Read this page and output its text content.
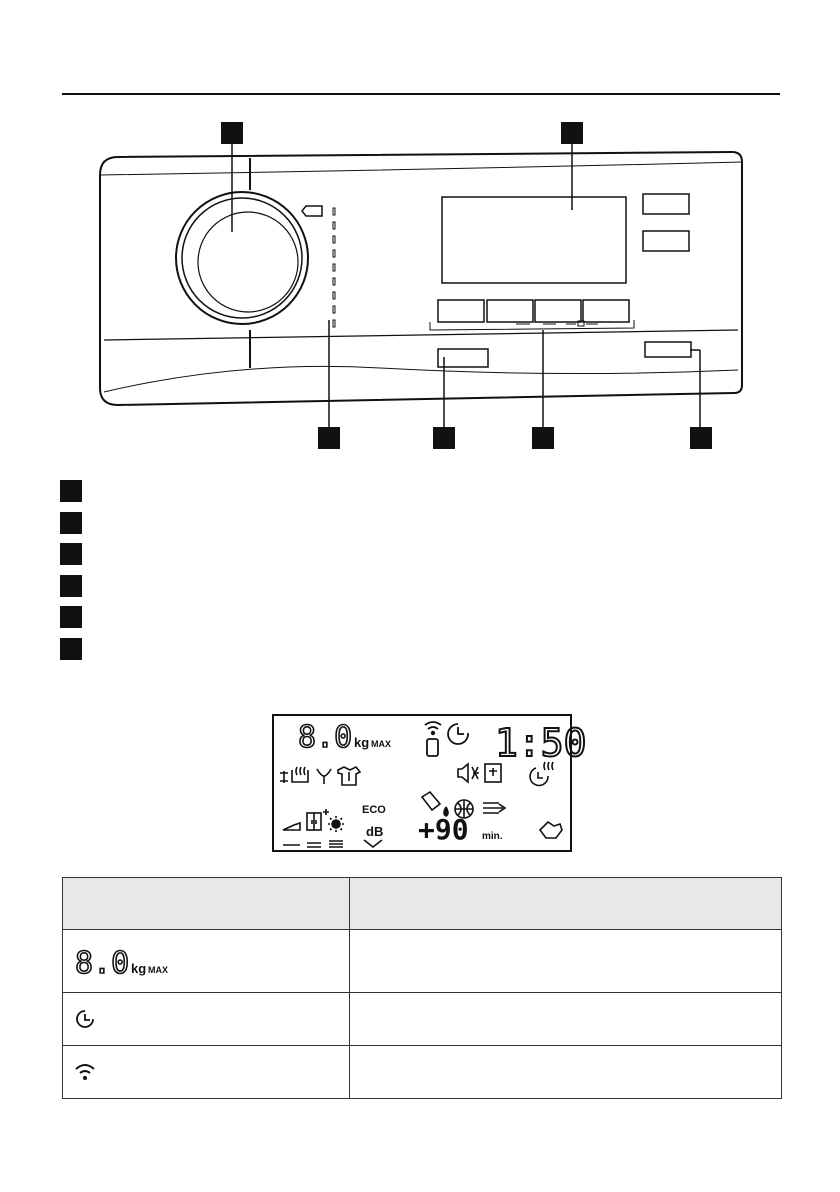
8.0 kg MAX	1:50
ECO
dB +90 min.

8.0 kg MAX	
